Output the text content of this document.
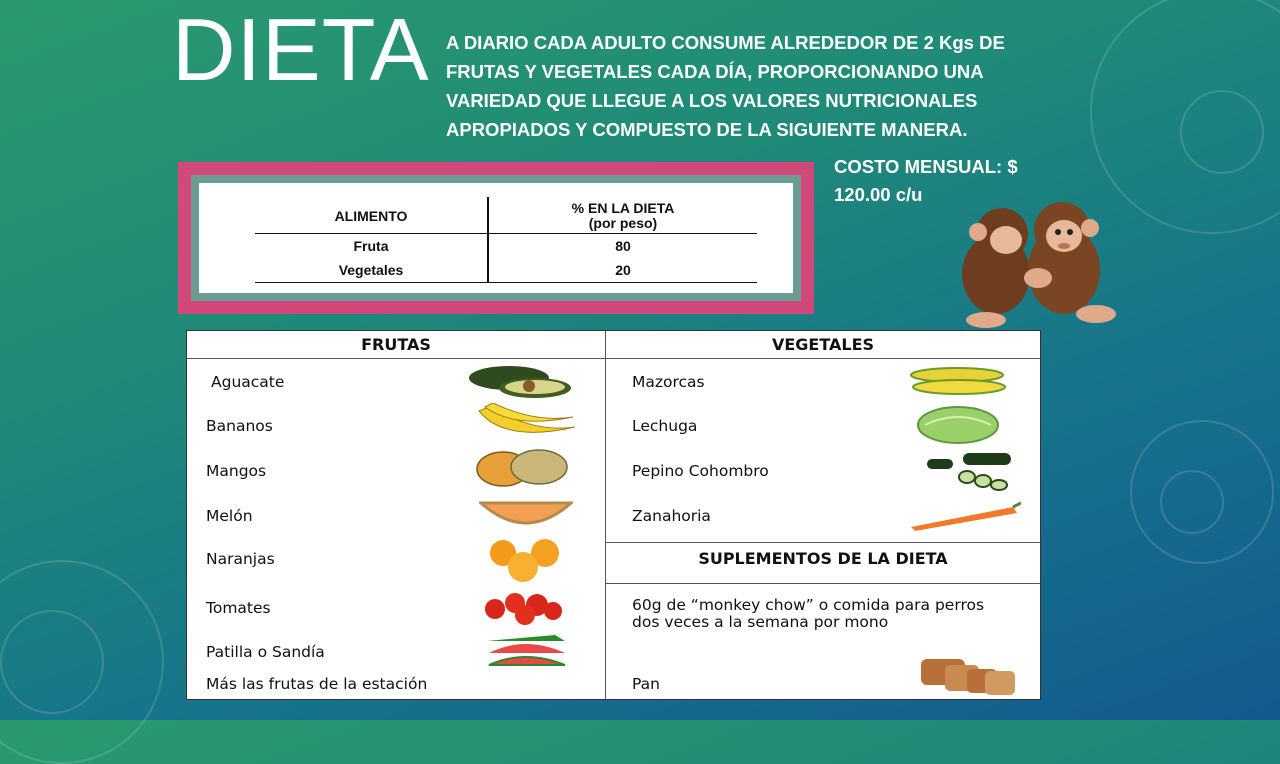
DIETA A DIARIO CADA ADULTO CONSUME ALREDEDOR DE 2 Kgs DE FRUTAS Y VEGETALES CADA DÍA, PROPORCIONANDO UNA VARIEDAD QUE LLEGUE A LOS VALORES NUTRICIONALES APROPIADOS Y COMPUESTO DE LA SIGUIENTE MANERA.
COSTO MENSUAL: $ 120.00 c/u
ALIMENTO	% EN LA DIETA
(por peso)
Fruta	80
Vegetales	20
FRUTAS	VEGETALES
SUPLEMENTOS DE LA DIETA
Aguacate
Bananos
Mangos
Melón
Naranjas
Tomates
Patilla o Sandía
Más las frutas de la estación
Mazorcas
Lechuga
Pepino Cohombro
Zanahoria
60g de “monkey chow” o comida para perros dos veces a la semana por mono
Pan
